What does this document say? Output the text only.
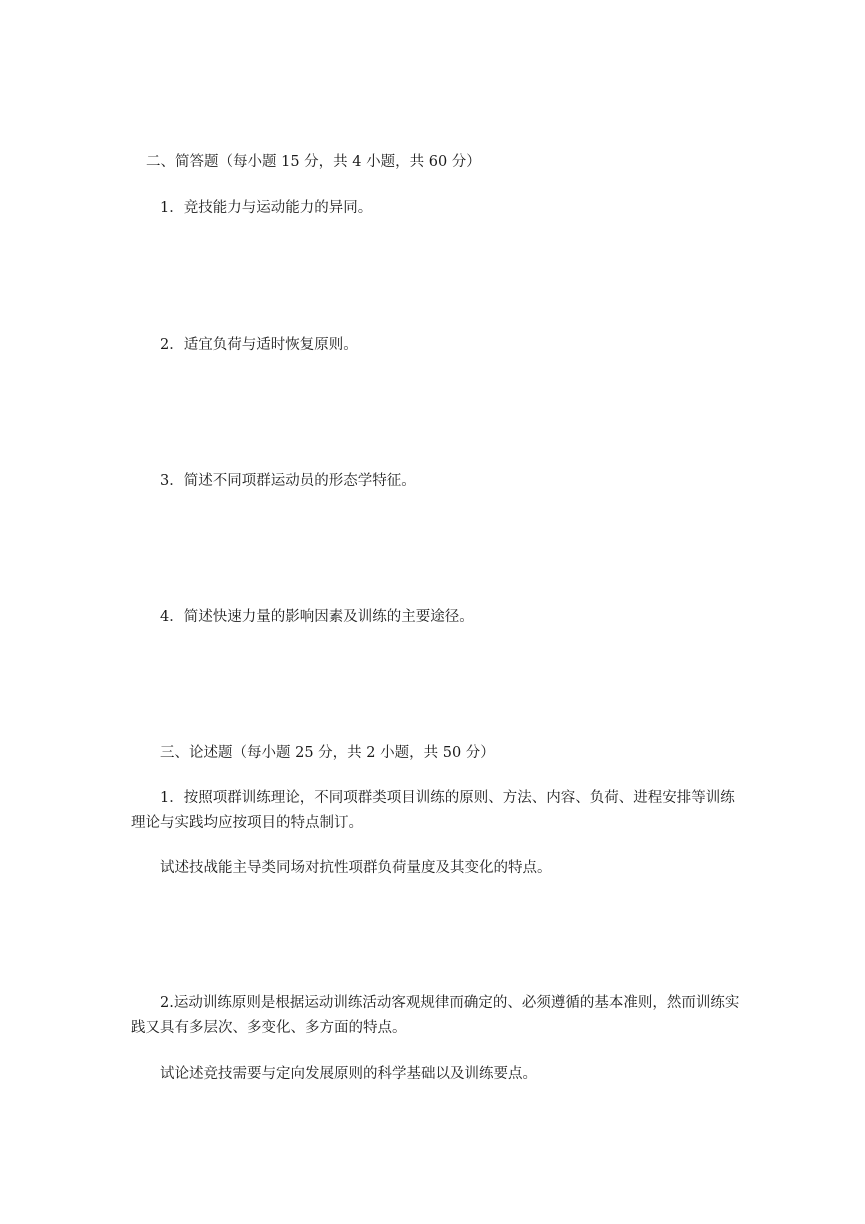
二、简答题（每小题 15 分，共 4 小题，共 60 分）

1．竞技能力与运动能力的异同。

2．适宜负荷与适时恢复原则。

3．简述不同项群运动员的形态学特征。

4．简述快速力量的影响因素及训练的主要途径。

三、论述题（每小题 25 分，共 2 小题，共 50 分）

1．按照项群训练理论，不同项群类项目训练的原则、方法、内容、负荷、进程安排等训练理论与实践均应按项目的特点制订。

试述技战能主导类同场对抗性项群负荷量度及其变化的特点。

2.运动训练原则是根据运动训练活动客观规律而确定的、必须遵循的基本准则，然而训练实践又具有多层次、多变化、多方面的特点。

试论述竞技需要与定向发展原则的科学基础以及训练要点。
